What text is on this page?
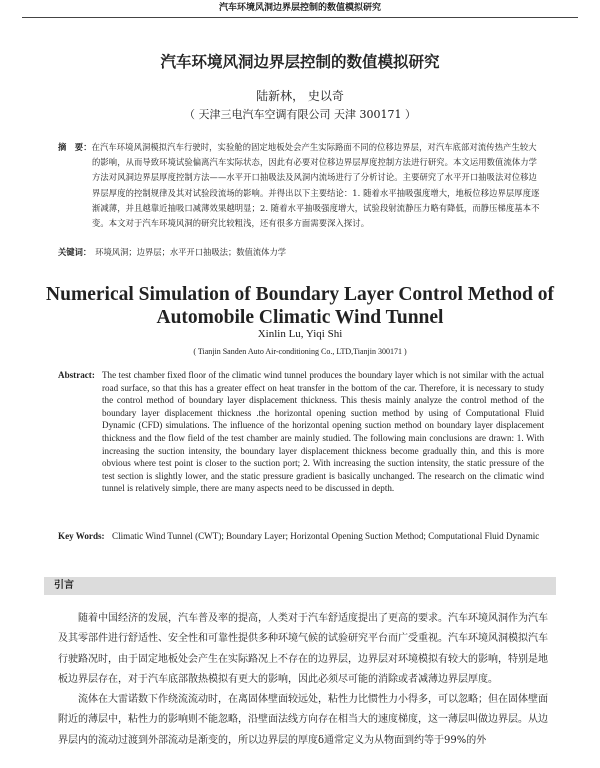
汽车环境风洞边界层控制的数值模拟研究
汽车环境风洞边界层控制的数值模拟研究
陆新林， 史以奇
（ 天津三电汽车空调有限公司 天津 300171 ）
摘　要：在汽车环境风洞模拟汽车行驶时，实验舱的固定地板处会产生实际路面不同的位移边界层，对汽车底部对流传热产生较大的影响，从而导致环境试验偏离汽车实际状态，因此有必要对位移边界层厚度控制方法进行研究。本文运用数值流体力学方法对风洞边界层厚度控制方法——水平开口抽吸法及风洞内流场进行了分析讨论。主要研究了水平开口抽吸法对位移边界层厚度的控制规律及其对试验段流场的影响。并得出以下主要结论：1. 随着水平抽吸强度增大，地板位移边界层厚度逐渐减薄，并且越靠近抽吸口减薄效果越明显；2. 随着水平抽吸强度增大，试验段射流静压力略有降低，而静压梯度基本不变。本文对于汽车环境风洞的研究比较粗浅，还有很多方面需要深入探讨。
关键词： 环境风洞；边界层；水平开口抽吸法；数值流体力学
Numerical Simulation of Boundary Layer Control Method of
Automobile Climatic Wind Tunnel
Xinlin Lu, Yiqi Shi
( Tianjin Sanden Auto Air-conditioning Co., LTD,Tianjin 300171 )
Abstract: The test chamber fixed floor of the climatic wind tunnel produces the boundary layer which is not similar with the actual road surface, so that this has a greater effect on heat transfer in the bottom of the car. Therefore, it is necessary to study the control method of boundary layer displacement thickness. This thesis mainly analyze the control method of the boundary layer displacement thickness .the horizontal opening suction method by using of Computational Fluid Dynamic (CFD) simulations. The influence of the horizontal opening suction method on boundary layer displacement thickness and the flow field of the test chamber are mainly studied. The following main conclusions are drawn: 1. With increasing the suction intensity, the boundary layer displacement thickness become gradually thin, and this is more obvious where test point is closer to the suction port; 2. With increasing the suction intensity, the static pressure of the test section is slightly lower, and the static pressure gradient is basically unchanged. The research on the climatic wind tunnel is relatively simple, there are many aspects need to be discussed in depth.
Key Words: Climatic Wind Tunnel (CWT); Boundary Layer; Horizontal Opening Suction Method; Computational Fluid Dynamic
引言

随着中国经济的发展，汽车普及率的提高，人类对于汽车舒适度提出了更高的要求。汽车环境风洞作为汽车及其零部件进行舒适性、安全性和可靠性提供多种环境气候的试验研究平台而广受重视。汽车环境风洞模拟汽车行驶路况时，由于固定地板处会产生在实际路况上不存在的边界层，边界层对环境模拟有较大的影响，特别是地板边界层存在，对于汽车底部散热模拟有更大的影响，因此必须尽可能的消除或者减薄边界层厚度。

流体在大雷诺数下作绕流流动时，在离固体壁面较远处，粘性力比惯性力小得多，可以忽略；但在固体壁面附近的薄层中，粘性力的影响则不能忽略，沿壁面法线方向存在相当大的速度梯度，这一薄层叫做边界层。从边界层内的流动过渡到外部流动是渐变的，所以边界层的厚度δ通常定义为从物面到约等于99%的外
